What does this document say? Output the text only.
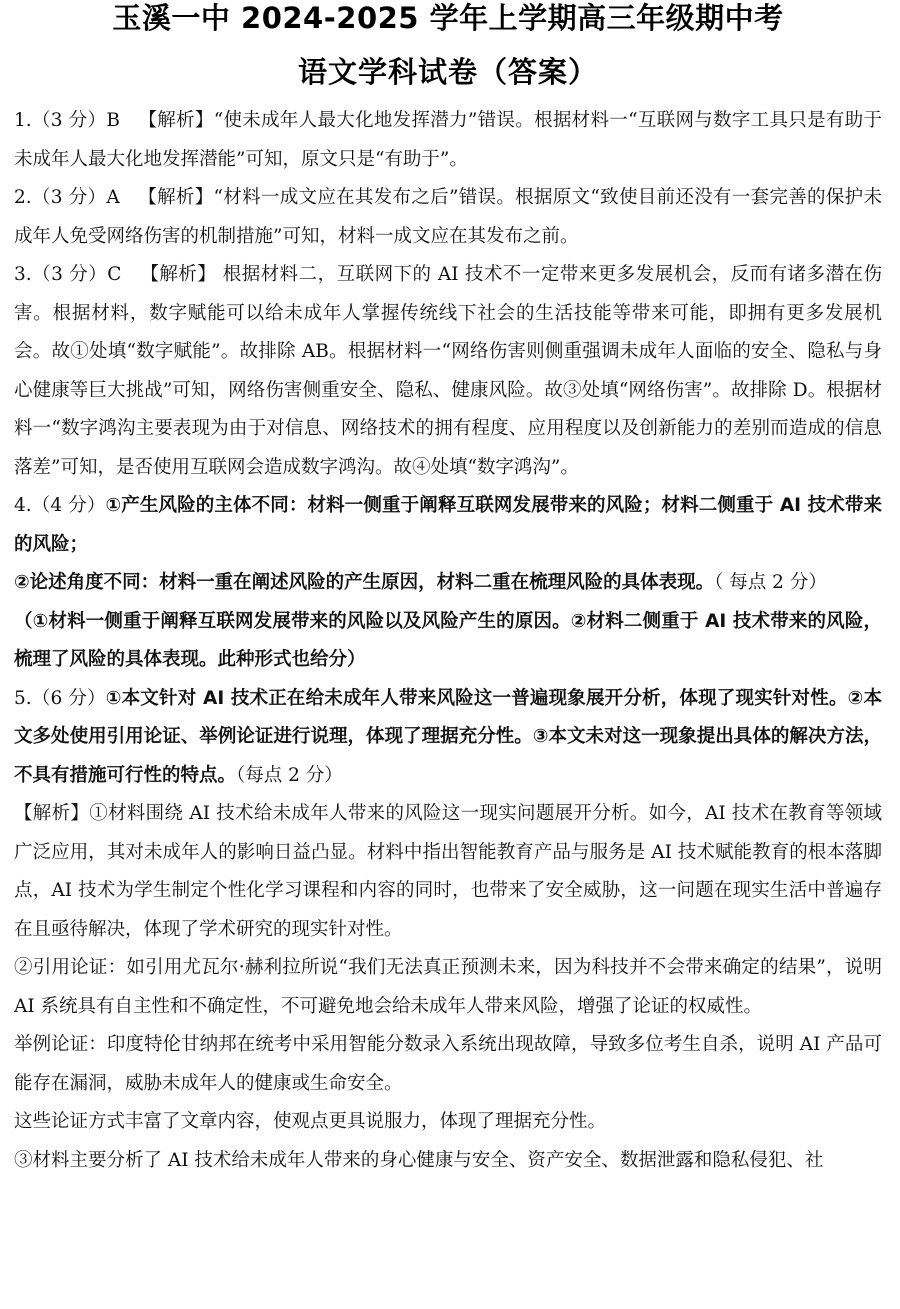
玉溪一中 2024-2025 学年上学期高三年级期中考
语文学科试卷（答案）

1.（3 分）B 【解析】“使未成年人最大化地发挥潜力”错误。根据材料一“互联网与数字工具只是有助于未成年人最大化地发挥潜能”可知，原文只是“有助于”。

2.（3 分）A 【解析】“材料一成文应在其发布之后”错误。根据原文“致使目前还没有一套完善的保护未成年人免受网络伤害的机制措施”可知，材料一成文应在其发布之前。

3.（3 分）C 【解析】 根据材料二，互联网下的 AI 技术不一定带来更多发展机会，反而有诸多潜在伤害。根据材料，数字赋能可以给未成年人掌握传统线下社会的生活技能等带来可能，即拥有更多发展机会。故①处填“数字赋能”。故排除 AB。根据材料一“网络伤害则侧重强调未成年人面临的安全、隐私与身心健康等巨大挑战”可知，网络伤害侧重安全、隐私、健康风险。故③处填“网络伤害”。故排除 D。根据材料一“数字鸿沟主要表现为由于对信息、网络技术的拥有程度、应用程度以及创新能力的差别而造成的信息落差”可知，是否使用互联网会造成数字鸿沟。故④处填“数字鸿沟”。

4.（4 分）①产生风险的主体不同：材料一侧重于阐释互联网发展带来的风险；材料二侧重于 AI 技术带来的风险；

②论述角度不同：材料一重在阐述风险的产生原因，材料二重在梳理风险的具体表现。（ 每点 2 分）

（①材料一侧重于阐释互联网发展带来的风险以及风险产生的原因。②材料二侧重于 AI 技术带来的风险，梳理了风险的具体表现。此种形式也给分）

5.（6 分）①本文针对 AI 技术正在给未成年人带来风险这一普遍现象展开分析，体现了现实针对性。②本文多处使用引用论证、举例论证进行说理，体现了理据充分性。③本文未对这一现象提出具体的解决方法，不具有措施可行性的特点。（每点 2 分）

【解析】①材料围绕 AI 技术给未成年人带来的风险这一现实问题展开分析。如今，AI 技术在教育等领域广泛应用，其对未成年人的影响日益凸显。材料中指出智能教育产品与服务是 AI 技术赋能教育的根本落脚点，AI 技术为学生制定个性化学习课程和内容的同时，也带来了安全威胁，这一问题在现实生活中普遍存在且亟待解决，体现了学术研究的现实针对性。

②引用论证：如引用尤瓦尔·赫利拉所说“我们无法真正预测未来，因为科技并不会带来确定的结果”，说明 AI 系统具有自主性和不确定性，不可避免地会给未成年人带来风险，增强了论证的权威性。

举例论证：印度特伦甘纳邦在统考中采用智能分数录入系统出现故障，导致多位考生自杀，说明 AI 产品可能存在漏洞，威胁未成年人的健康或生命安全。

这些论证方式丰富了文章内容，使观点更具说服力，体现了理据充分性。

③材料主要分析了 AI 技术给未成年人带来的身心健康与安全、资产安全、数据泄露和隐私侵犯、社
